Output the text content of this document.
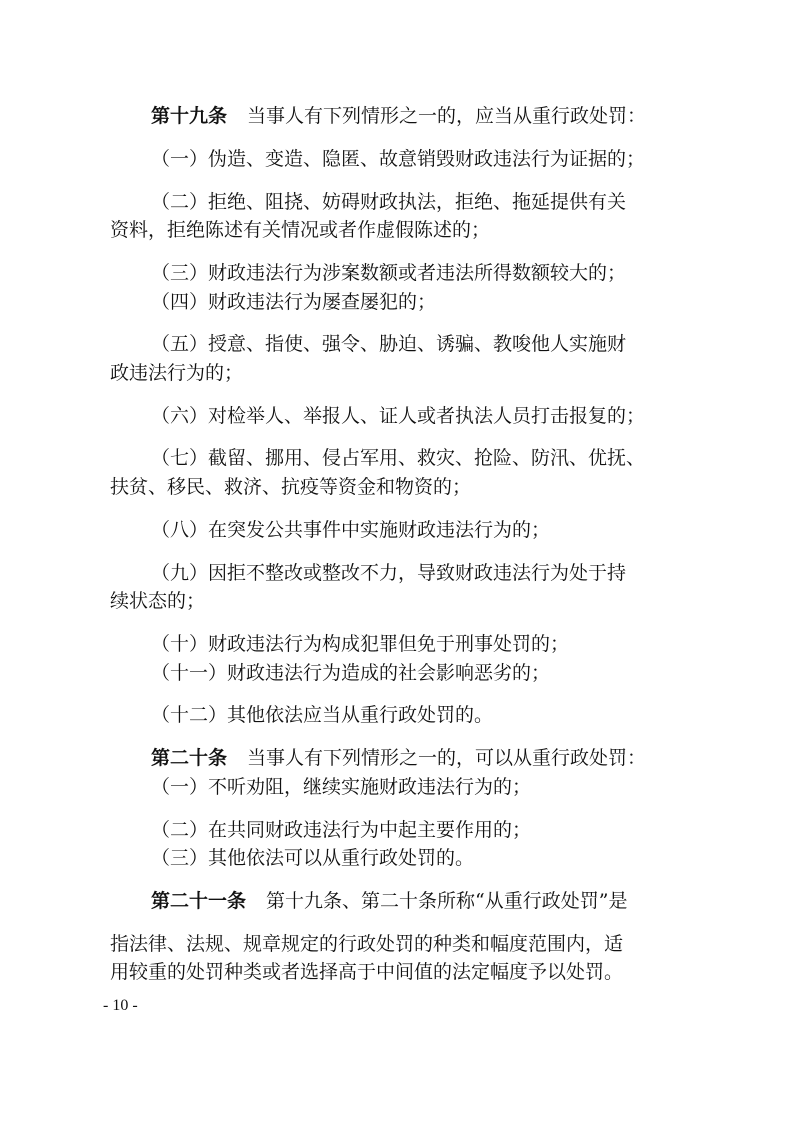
第十九条 当事人有下列情形之一的，应当从重行政处罚：
（一）伪造、变造、隐匿、故意销毁财政违法行为证据的；
（二）拒绝、阻挠、妨碍财政执法，拒绝、拖延提供有关
资料，拒绝陈述有关情况或者作虚假陈述的；
（三）财政违法行为涉案数额或者违法所得数额较大的；
（四）财政违法行为屡查屡犯的；
（五）授意、指使、强令、胁迫、诱骗、教唆他人实施财
政违法行为的；
（六）对检举人、举报人、证人或者执法人员打击报复的；
（七）截留、挪用、侵占军用、救灾、抢险、防汛、优抚、
扶贫、移民、救济、抗疫等资金和物资的；
（八）在突发公共事件中实施财政违法行为的；
（九）因拒不整改或整改不力，导致财政违法行为处于持
续状态的；
（十）财政违法行为构成犯罪但免于刑事处罚的；
（十一）财政违法行为造成的社会影响恶劣的；
（十二）其他依法应当从重行政处罚的。
第二十条 当事人有下列情形之一的，可以从重行政处罚：
（一）不听劝阻，继续实施财政违法行为的；
（二）在共同财政违法行为中起主要作用的；
（三）其他依法可以从重行政处罚的。
第二十一条 第十九条、第二十条所称“从重行政处罚”是
指法律、法规、规章规定的行政处罚的种类和幅度范围内，适
用较重的处罚种类或者选择高于中间值的法定幅度予以处罚。
- 10 -
